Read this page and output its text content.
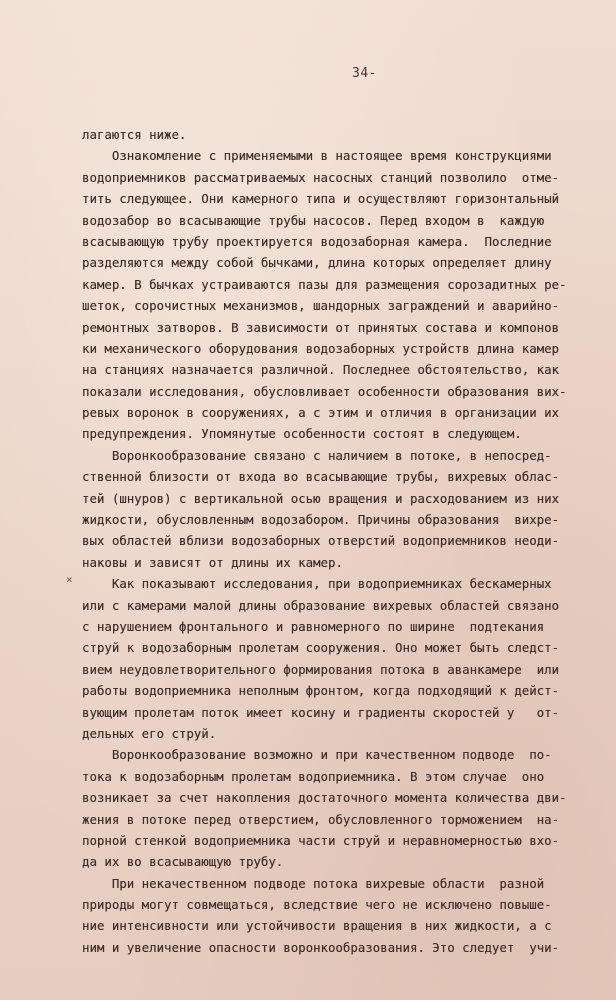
34-
×
лагаются ниже.
Ознакомление с применяемыми в настоящее время конструкциями
водоприемников рассматриваемых насосных станций позволило  отме-
тить следующее. Они камерного типа и осуществляют горизонтальный
водозабор во всасывающие трубы насосов. Перед входом в  каждую
всасывающую трубу проектируется водозаборная камера.  Последние
разделяются между собой бычками, длина которых определяет длину
камер. В бычках устраиваются пазы для размещения сорозадитных ре-
шеток, сорочистных механизмов, шандорных заграждений и аварийно-
ремонтных затворов. В зависимости от принятых состава и компонов
ки механического оборудования водозаборных устройств длина камер
на станциях назначается различной. Последнее обстоятельство, как
показали исследования, обусловливает особенности образования вих-
ревых воронок в сооружениях, а с этим и отличия в организации их
предупреждения. Упомянутые особенности состоят в следующем.
Воронкообразование связано с наличием в потоке, в непосред-
ственной близости от входа во всасывающие трубы, вихревых облас-
тей (шнуров) с вертикальной осью вращения и расходованием из них
жидкости, обусловленным водозабором. Причины образования  вихре-
вых областей вблизи водозаборных отверстий водоприемников неоди-
наковы и зависят от длины их камер.
Как показывают исследования, при водоприемниках бескамерных
или с камерами малой длины образование вихревых областей связано
с нарушением фронтального и равномерного по ширине  подтекания
струй к водозаборным пролетам сооружения. Оно может быть следст-
вием неудовлетворительного формирования потока в аванкамере  или
работы водоприемника неполным фронтом, когда подходящий к дейст-
вующим пролетам поток имеет косину и градиенты скоростей у   от-
дельных его струй.
Воронкообразование возможно и при качественном подводе  по-
тока к водозаборным пролетам водоприемника. В этом случае  оно
возникает за счет накопления достаточного момента количества дви-
жения в потоке перед отверстием, обусловленного торможением  на-
порной стенкой водоприемника части струй и неравномерностью вхо-
да их во всасывающую трубу.
При некачественном подводе потока вихревые области  разной
природы могут совмещаться, вследствие чего не исключено повыше-
ние интенсивности или устойчивости вращения в них жидкости, а с
ним и увеличение опасности воронкообразования. Это следует  учи-
